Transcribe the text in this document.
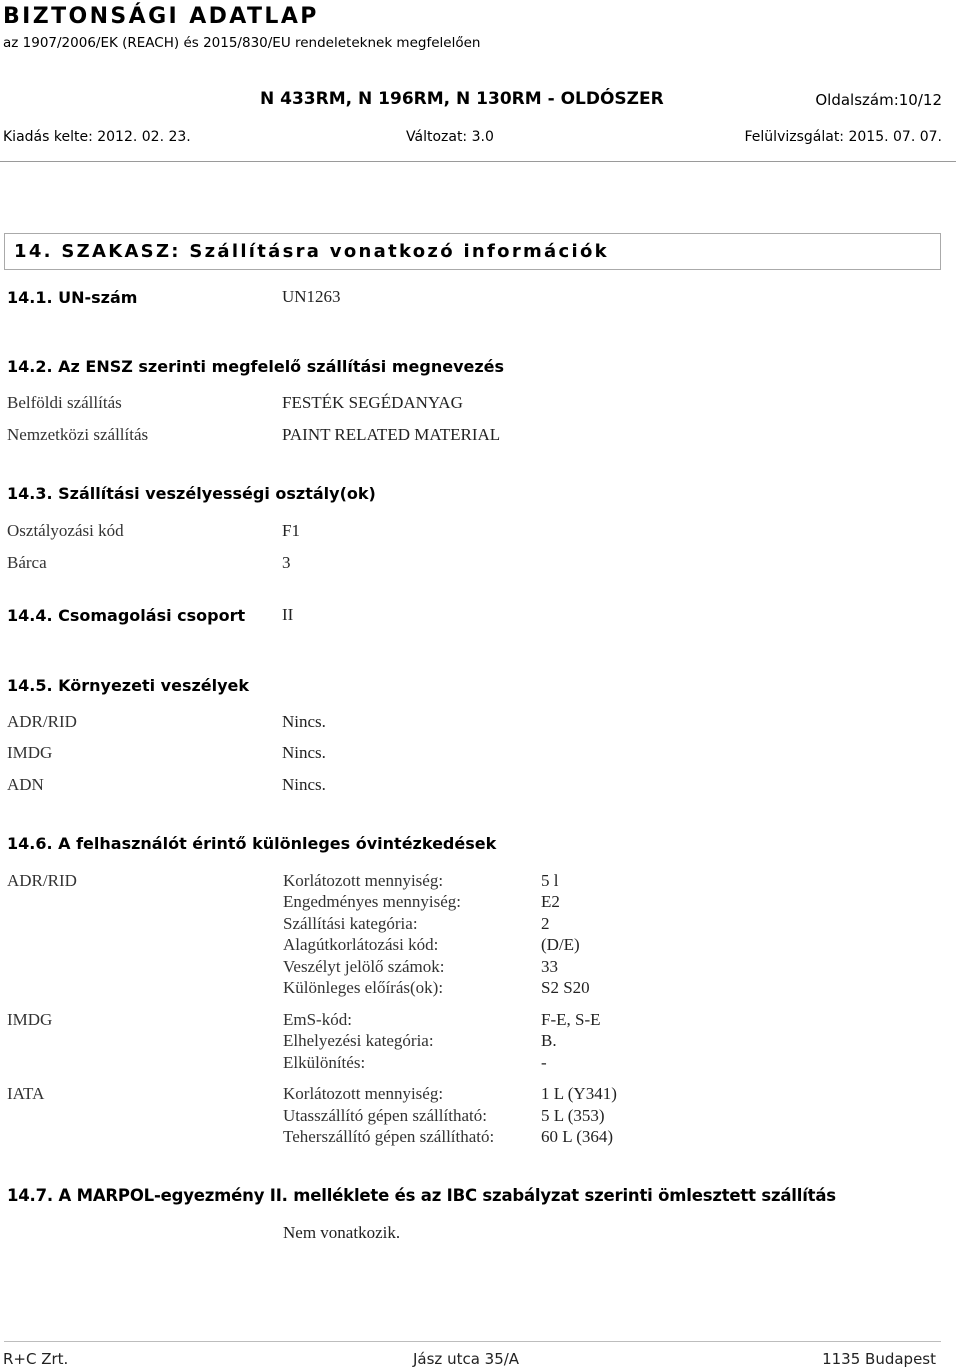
BIZTONSÁGI ADATLAP
az 1907/2006/EK (REACH) és 2015/830/EU rendeleteknek megfelelően
N 433RM, N 196RM, N 130RM - OLDÓSZER	Oldalszám:10/12
Kiadás kelte: 2012. 02. 23.	Változat: 3.0	Felülvizsgálat: 2015. 07. 07.
14. SZAKASZ: Szállításra vonatkozó információk
14.1. UN-szám	UN1263
14.2. Az ENSZ szerinti megfelelő szállítási megnevezés
Belföldi szállítás	FESTÉK SEGÉDANYAG
Nemzetközi szállítás	PAINT RELATED MATERIAL
14.3. Szállítási veszélyességi osztály(ok)
Osztályozási kód	F1
Bárca	3
14.4. Csomagolási csoport II
14.5. Környezeti veszélyek
ADR/RID	Nincs.
IMDG	Nincs.
ADN	Nincs.
14.6. A felhasználót érintő különleges óvintézkedések
ADR/RID	Korlátozott mennyiség:	5 l
Engedményes mennyiség:	E2
Szállítási kategória:	2
Alagútkorlátozási kód:	(D/E)
Veszélyt jelölő számok:	33
Különleges előírás(ok):	S2 S20
IMDG	EmS-kód:	F-E, S-E
Elhelyezési kategória:	B.
Elkülönítés:	-
IATA	Korlátozott mennyiség:	1 L (Y341)
Utasszállító gépen szállítható:	5 L (353)
Teherszállító gépen szállítható:	60 L (364)
14.7. A MARPOL-egyezmény II. melléklete és az IBC szabályzat szerinti ömlesztett szállítás
Nem vonatkozik.
R+C Zrt.	Jász utca 35/A	1135 Budapest
